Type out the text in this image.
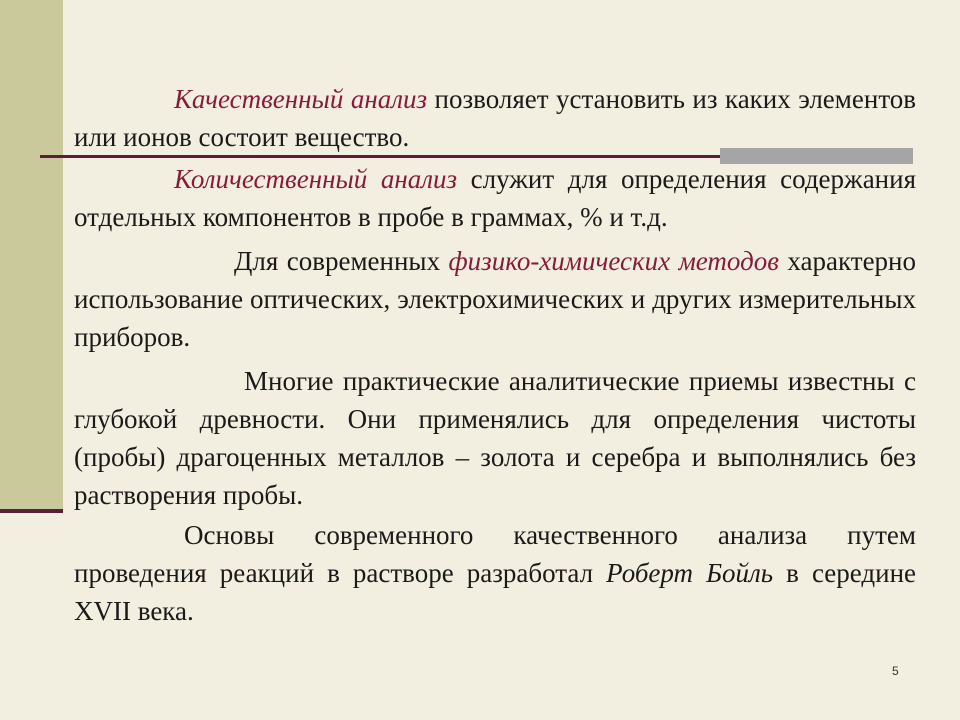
Качественный анализ позволяет установить из каких элементов или ионов состоит вещество.

Количественный анализ служит для определения содержания отдельных компонентов в пробе в граммах, % и т.д.

Для современных физико-химических методов характерно использование оптических, электрохимических и других измерительных приборов.

Многие практические аналитические приемы известны с глубокой древности. Они применялись для определения чистоты (пробы) драгоценных металлов – золота и серебра и выполнялись без растворения пробы.

Основы современного качественного анализа путем проведения реакций в растворе разработал Роберт Бойль в середине XVII века.

5
